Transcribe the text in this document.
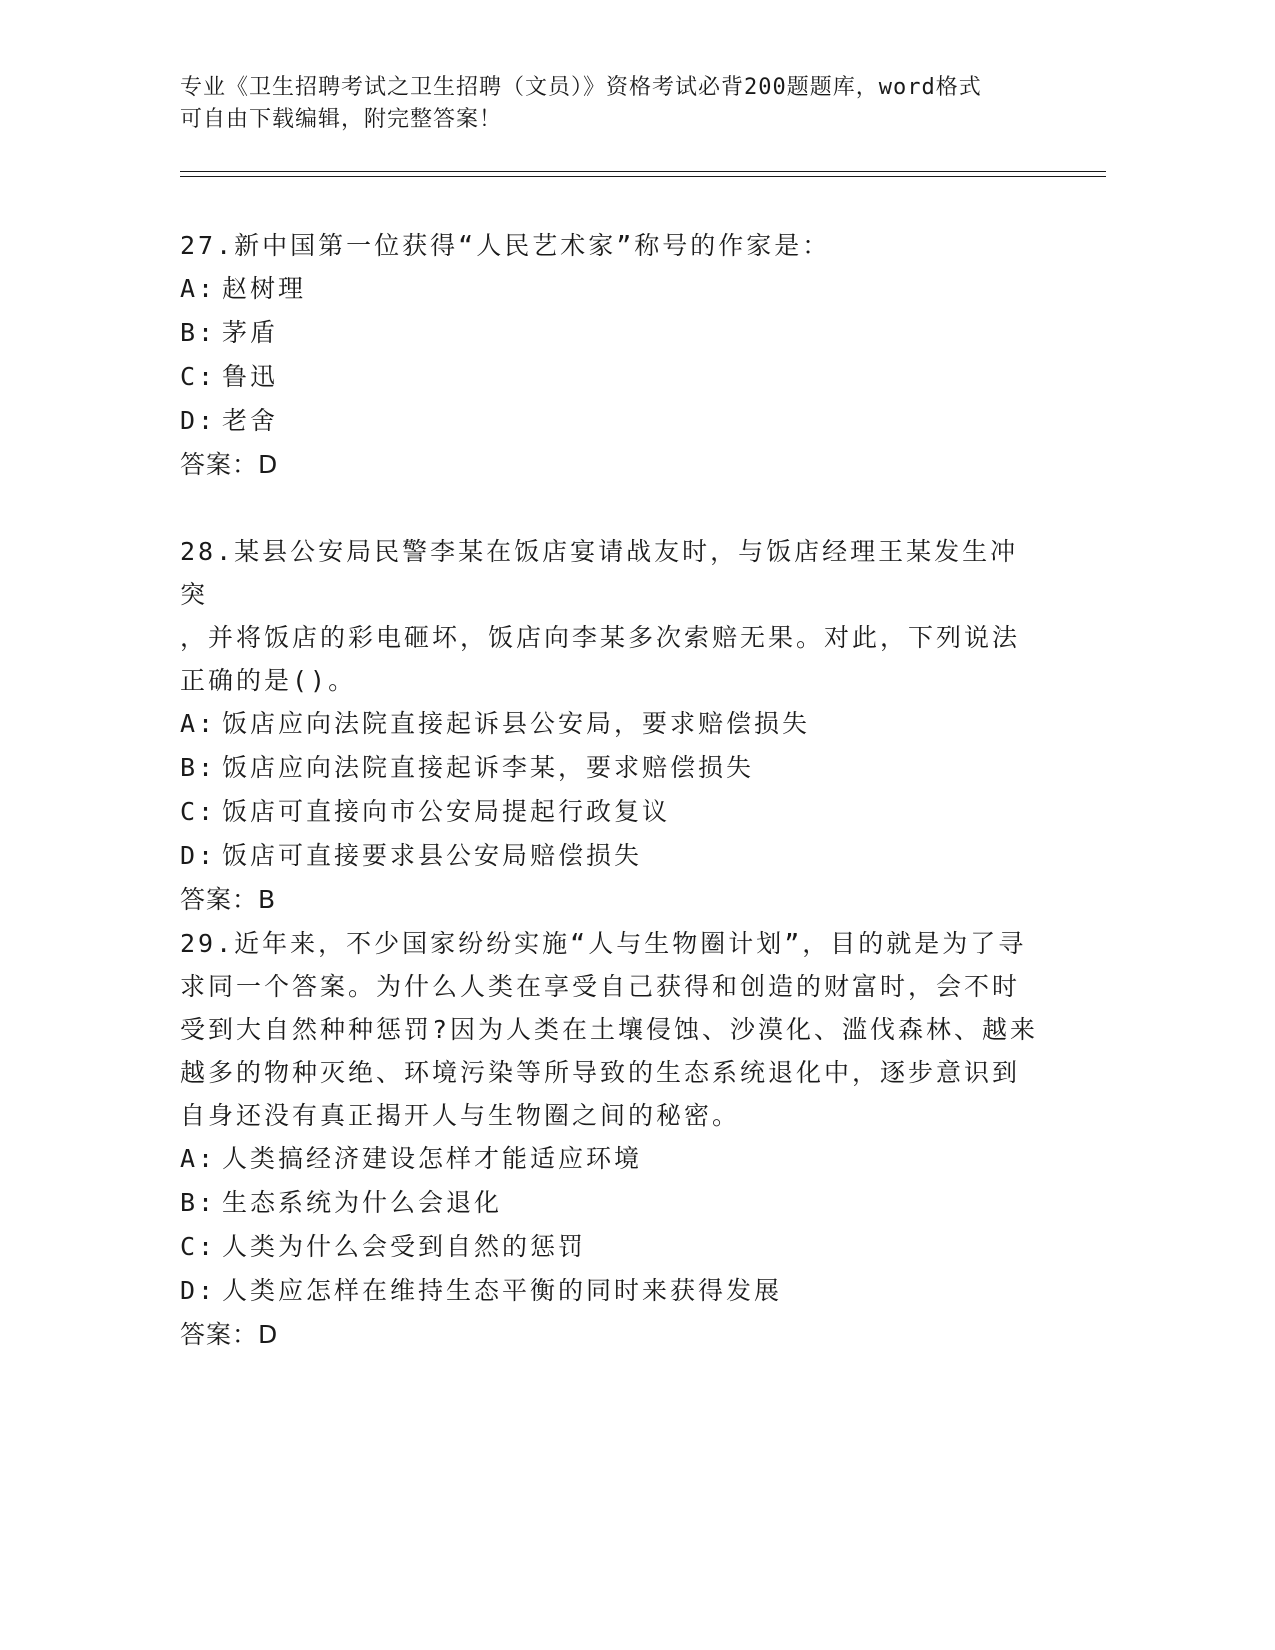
专业《卫生招聘考试之卫生招聘（文员）》资格考试必背200题题库，word格式
可自由下载编辑，附完整答案！

27.新中国第一位获得“人民艺术家”称号的作家是：

A: 赵树理

B: 茅盾

C: 鲁迅

D: 老舍

答案：D

28.某县公安局民警李某在饭店宴请战友时，与饭店经理王某发生冲突

，并将饭店的彩电砸坏，饭店向李某多次索赔无果。对此，下列说法

正确的是()。

A: 饭店应向法院直接起诉县公安局，要求赔偿损失

B: 饭店应向法院直接起诉李某，要求赔偿损失

C: 饭店可直接向市公安局提起行政复议

D: 饭店可直接要求县公安局赔偿损失

答案：B

29.近年来，不少国家纷纷实施“人与生物圈计划”，目的就是为了寻

求同一个答案。为什么人类在享受自己获得和创造的财富时，会不时

受到大自然种种惩罚?因为人类在土壤侵蚀、沙漠化、滥伐森林、越来

越多的物种灭绝、环境污染等所导致的生态系统退化中，逐步意识到

自身还没有真正揭开人与生物圈之间的秘密。

A: 人类搞经济建设怎样才能适应环境

B: 生态系统为什么会退化

C: 人类为什么会受到自然的惩罚

D: 人类应怎样在维持生态平衡的同时来获得发展

答案：D
